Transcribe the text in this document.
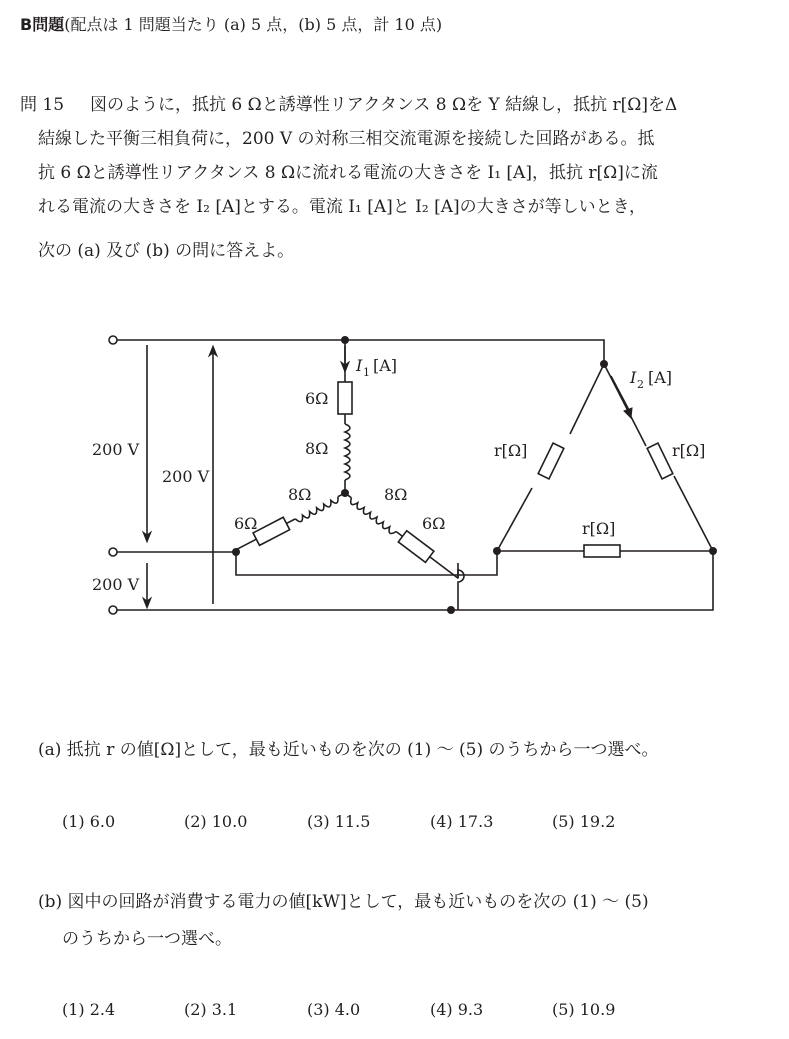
B問題(配点は 1 問題当たり (a) 5 点，(b) 5 点，計 10 点)
問 15 図のように，抵抗 6 Ωと誘導性リアクタンス 8 Ωを Y 結線し，抵抗 r[Ω]をΔ
結線した平衡三相負荷に，200 V の対称三相交流電源を接続した回路がある。抵
抗 6 Ωと誘導性リアクタンス 8 Ωに流れる電流の大きさを I₁ [A]，抵抗 r[Ω]に流
れる電流の大きさを I₂ [A]とする。電流 I₁ [A]と I₂ [A]の大きさが等しいとき，
次の (a) 及び (b) の問に答えよ。
200 V
200 V
200 V
I 1 [A]
I 2 [A]
6Ω
8Ω
8Ω	8Ω
6Ω	6Ω
r[Ω]	r[Ω]
r[Ω]
(a) 抵抗 r の値[Ω]として，最も近いものを次の (1) ～ (5) のうちから一つ選べ。
(1) 6.0	(2) 10.0	(3) 11.5	(4) 17.3	(5) 19.2
(b) 図中の回路が消費する電力の値[kW]として，最も近いものを次の (1) ～ (5)
のうちから一つ選べ。
(1) 2.4	(2) 3.1	(3) 4.0	(4) 9.3	(5) 10.9
